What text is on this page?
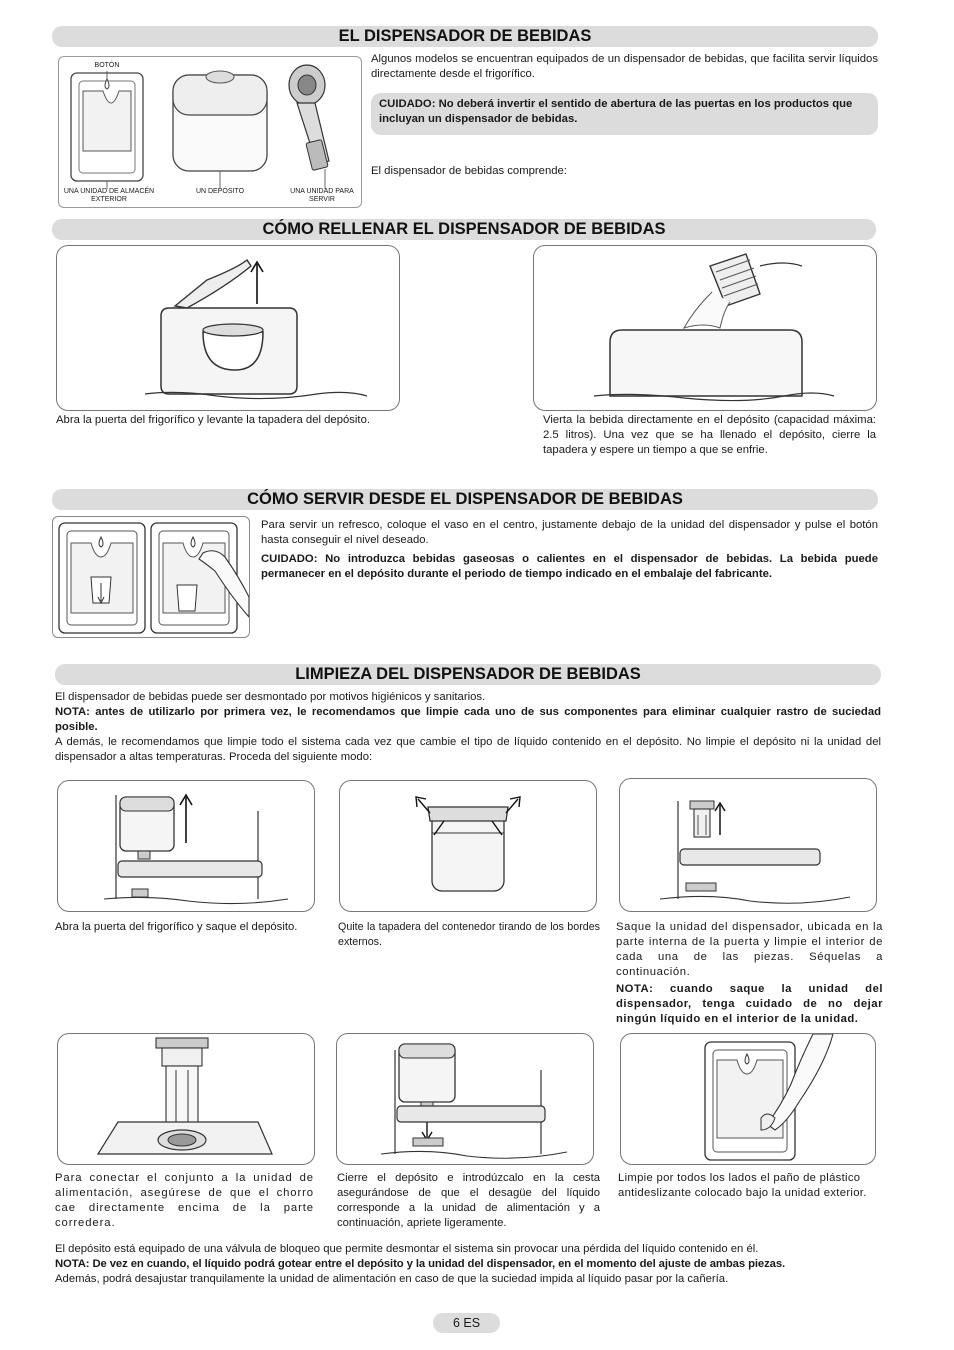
EL DISPENSADOR DE BEBIDAS
BOTÓN
UNA UNIDAD DE ALMACÉN EXTERIOR
UN DEPÓSITO	UNA UNIDAD PARA SERVIR
Algunos modelos se encuentran equipados de un dispensador de bebidas, que facilita servir líquidos directamente desde el frigorífico.
CUIDADO: No deberá invertir el sentido de abertura de las puertas en los productos que incluyan un dispensador de bebidas.
El dispensador de bebidas comprende:
CÓMO RELLENAR EL DISPENSADOR DE BEBIDAS
Abra la puerta del frigorífico y levante la tapadera del depósito.	Vierta la bebida directamente en el depósito (capacidad máxima: 2.5 litros). Una vez que se ha llenado el depósito, cierre la tapadera y espere un tiempo a que se enfrie.
CÓMO SERVIR DESDE EL DISPENSADOR DE BEBIDAS
Para servir un refresco, coloque el vaso en el centro, justamente debajo de la unidad del dispensador y pulse el botón hasta conseguir el nivel deseado.
CUIDADO: No introduzca bebidas gaseosas o calientes en el dispensador de bebidas. La bebida puede permanecer en el depósito durante el periodo de tiempo indicado en el embalaje del fabricante.
LIMPIEZA DEL DISPENSADOR DE BEBIDAS
El dispensador de bebidas puede ser desmontado por motivos higiénicos y sanitarios.
NOTA: antes de utilizarlo por primera vez, le recomendamos que limpie cada uno de sus componentes para eliminar cualquier rastro de suciedad posible.
A demás, le recomendamos que limpie todo el sistema cada vez que cambie el tipo de líquido contenido en el depósito. No limpie el depósito ni la unidad del dispensador a altas temperaturas. Proceda del siguiente modo:
Abra la puerta del frigorífico y saque el depósito.	Quite la tapadera del contenedor tirando de los bordes externos.
Saque la unidad del dispensador, ubicada en la parte interna de la puerta y limpie el interior de cada una de las piezas. Séquelas a continuación.
NOTA: cuando saque la unidad del dispensador, tenga cuidado de no dejar ningún líquido en el interior de la unidad.
Para conectar el conjunto a la unidad de alimentación, asegúrese de que el chorro cae directamente encima de la parte corredera.
Cierre el depósito e introdúzcalo en la cesta asegurándose de que el desagüe del líquido corresponde a la unidad de alimentación y a continuación, apriete ligeramente.
Limpie por todos los lados el paño de plástico antideslizante colocado bajo la unidad exterior.
El depósito está equipado de una válvula de bloqueo que permite desmontar el sistema sin provocar una pérdida del líquido contenido en él.
NOTA: De vez en cuando, el líquido podrá gotear entre el depósito y la unidad del dispensador, en el momento del ajuste de ambas piezas.
Además, podrá desajustar tranquilamente la unidad de alimentación en caso de que la suciedad impida al líquido pasar por la cañería.
6 ES
